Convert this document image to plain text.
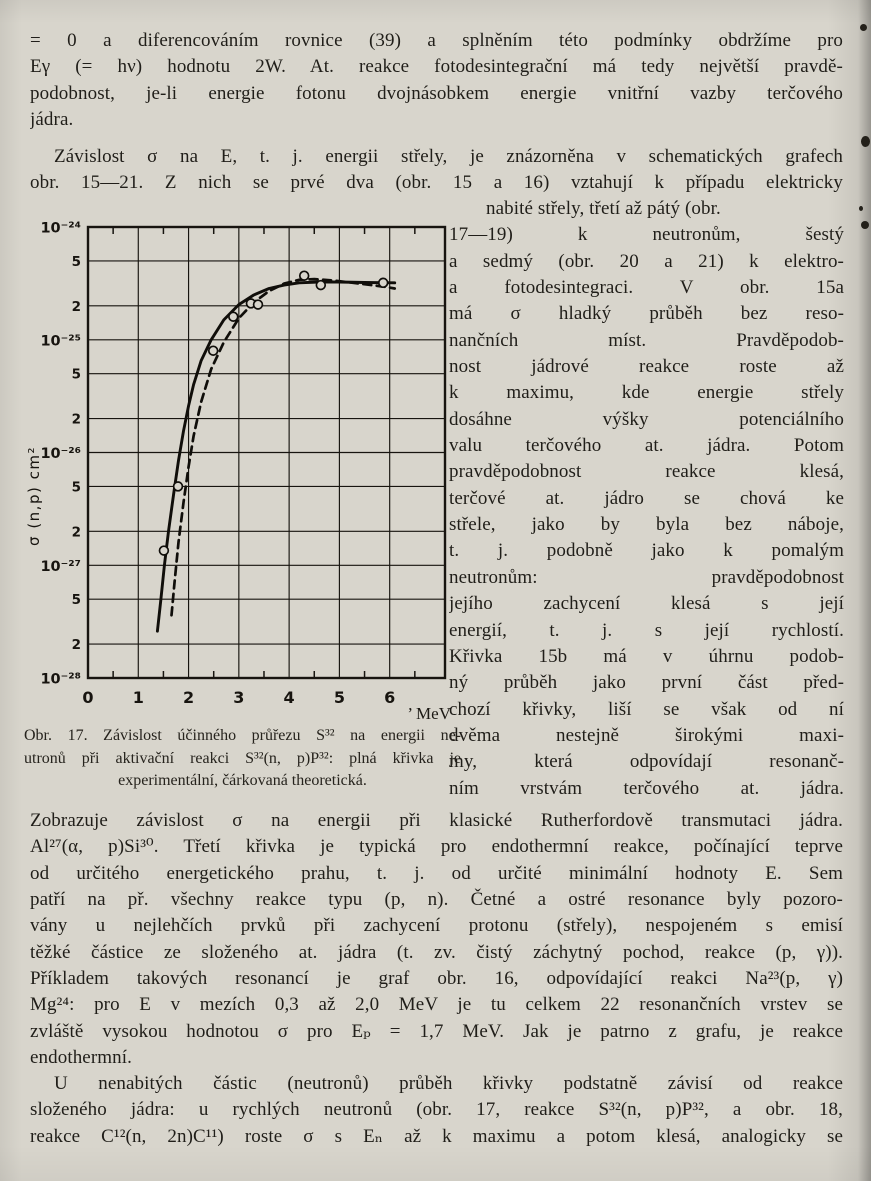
= 0 a diferencováním rovnice (39) a splněním této podmínky obdržíme pro
Eγ (= hν) hodnotu 2W. At. reakce fotodesintegrační má tedy největší pravdě-
podobnost, je-li energie fotonu dvojnásobkem energie vnitřní vazby terčového
jádra.
Závislost σ na E, t. j. energii střely, je znázorněna v schematických grafech
obr. 15—21. Z nich se prvé dva (obr. 15 a 16) vztahují k případu elektricky
nabité střely, třetí až pátý (obr.
17—19) k neutronům, šestý
a sedmý (obr. 20 a 21) k elektro-
a fotodesintegraci. V obr. 15a
má σ hladký průběh bez reso-
nančních míst. Pravděpodob-
nost jádrové reakce roste až
k maximu, kde energie střely
dosáhne výšky potenciálního
valu terčového at. jádra. Potom
pravděpodobnost reakce klesá,
terčové at. jádro se chová ke
střele, jako by byla bez náboje,
t. j. podobně jako k pomalým
neutronům: pravděpodobnost
jejího zachycení klesá s její
energií, t. j. s její rychlostí.
Křivka 15b má v úhrnu podob-
ný průběh jako první část před-
chozí křivky, liší se však od ní
dvěma nestejně širokými maxi-
my, která odpovídají resonanč-
ním vrstvám terčového at. jádra.
10⁻²⁴
5
2
10⁻²⁵
5
2
10⁻²⁶
5
2
10⁻²⁷
5
2
10⁻²⁸
0 1 2 3 4 5 6
’ MeV
σ (n,p) cm²
Obr. 17. Závislost účinného průřezu S³² na energii ne-
utronů při aktivační reakci S³²(n, p)P³²: plná křivka je
experimentální, čárkovaná theoretická.
Zobrazuje závislost σ na energii při klasické Rutherfordově transmutaci jádra.
Al²⁷(α, p)Si³⁰. Třetí křivka je typická pro endothermní reakce, počínající teprve
od určitého energetického prahu, t. j. od určité minimální hodnoty E. Sem
patří na př. všechny reakce typu (p, n). Četné a ostré resonance byly pozoro-
vány u nejlehčích prvků při zachycení protonu (střely), nespojeném s emisí
těžké částice ze složeného at. jádra (t. zv. čistý záchytný pochod, reakce (p, γ)).
Příkladem takových resonancí je graf obr. 16, odpovídající reakci Na²³(p, γ)
Mg²⁴: pro E v mezích 0,3 až 2,0 MeV je tu celkem 22 resonančních vrstev se
zvláště vysokou hodnotou σ pro Eₚ = 1,7 MeV. Jak je patrno z grafu, je reakce
endothermní.
U nenabitých částic (neutronů) průběh křivky podstatně závisí od reakce
složeného jádra: u rychlých neutronů (obr. 17, reakce S³²(n, p)P³², a obr. 18,
reakce C¹²(n, 2n)C¹¹) roste σ s Eₙ až k maximu a potom klesá, analogicky se
